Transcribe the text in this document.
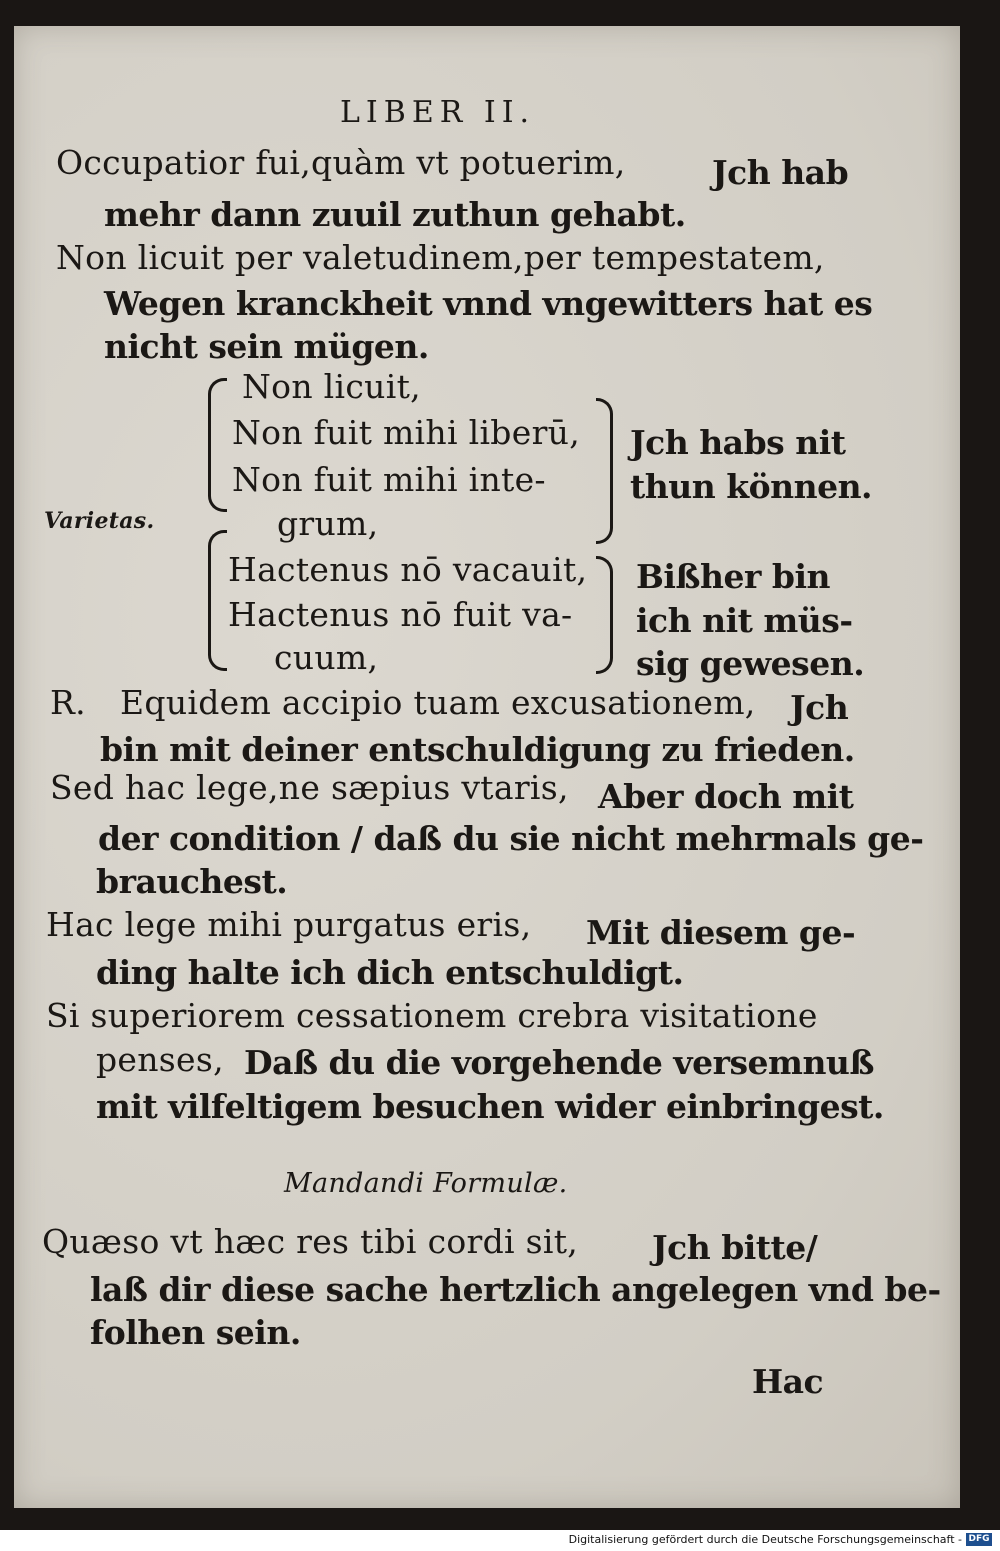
LIBER II.
Occupatior fui,quàm vt potuerim,	Jch hab
mehr dann zuuil zuthun gehabt.
Non licuit per valetudinem,per tempestatem,
Wegen kranckheit vnnd vngewitters hat es
nicht sein mügen.
Varietas.
Non licuit,
Non fuit mihi liberū,
Non fuit mihi inte-
grum,
Hactenus nō vacauit,
Hactenus nō fuit va-
cuum,
Jch habs nit
thun können.
Bißher bin
ich nit müs-
sig gewesen.
R. Equidem accipio tuam excusationem, Jch
bin mit deiner entschuldigung zu frieden.
Sed hac lege,ne sæpius vtaris, Aber doch mit
der condition / daß du sie nicht mehrmals ge-
brauchest.
Hac lege mihi purgatus eris, Mit diesem ge-
ding halte ich dich entschuldigt.
Si superiorem cessationem crebra visitatione
penses, Daß du die vorgehende versemnuß
mit vilfeltigem besuchen wider einbringest.
Mandandi Formulæ.
Quæso vt hæc res tibi cordi sit, Jch bitte/
laß dir diese sache hertzlich angelegen vnd be-
folhen sein.
Hac
Digitalisierung gefördert durch die Deutsche Forschungsgemeinschaft - DFG
